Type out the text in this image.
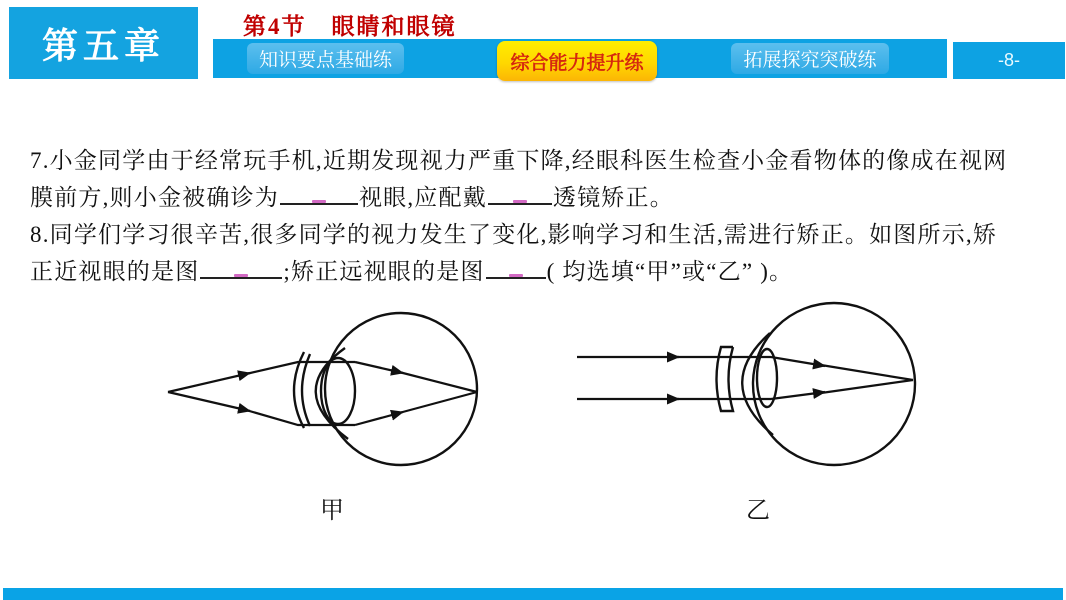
第五章	第4节　眼睛和眼镜
知识要点基础练	综合能力提升练	拓展探究突破练	-8-
7.小金同学由于经常玩手机,近期发现视力严重下降,经眼科医生检查小金看物体的像成在视网
膜前方,则小金被确诊为	视眼,应配戴	透镜矫正。
8.同学们学习很辛苦,很多同学的视力发生了变化,影响学习和生活,需进行矫正。如图所示,矫
正近视眼的是图	;矫正远视眼的是图	( 均选填“甲”或“乙” )。
甲	乙
